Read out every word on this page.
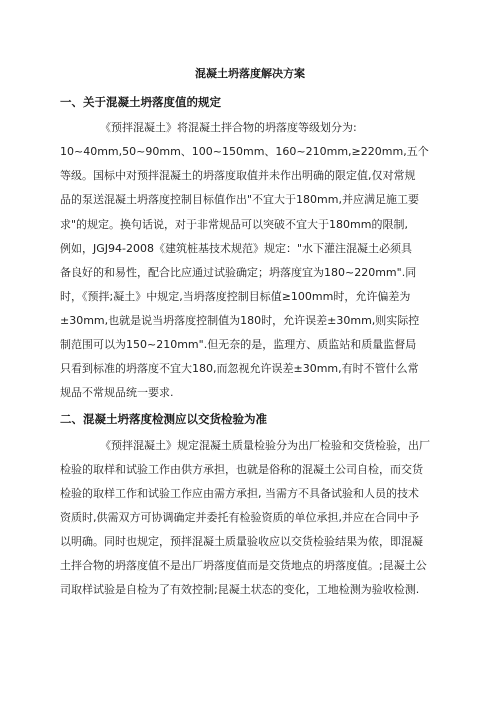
混凝土坍落度解决方案
一、关于混凝土坍落度值的规定
《预拌混凝土》将混凝土拌合物的坍落度等级划分为:
10~40mm,50~90mm、100~150mm、160~210mm,≥220mm,五个
等级。国标中对预拌混凝土的坍落度取值并未作出明确的限定值,仅对常规
品的泵送混凝土坍落度控制目标值作出"不宜大于180mm,并应满足施工要
求"的规定。换句话说，对于非常规品可以突破不宜大于180mm的限制,
例如，JGJ94-2008《建筑桩基技术规范》规定："水下灌注混凝土必须具
备良好的和易性，配合比应通过试验确定；坍落度宜为180~220mm".同
时，《预拌;凝土》中规定,当坍落度控制目标值≥100mm时，允许偏差为
±30mm,也就是说当坍落度控制值为180时，允许误差±30mm,则实际控
制范围可以为150~210mm".但无奈的是，监理方、质监站和质量监督局
只看到标准的坍落度不宜大180,而忽视允许误差±30mm,有时不管什么常
规品不常规品统一要求.
二、混凝土坍落度检测应以交货检验为准
《预拌混凝土》规定混凝土质量检验分为出厂检验和交货检验，出厂
检验的取样和试验工作由供方承担，也就是俗称的混凝土公司自检，而交货
检验的取样工作和试验工作应由需方承担, 当需方不具备试验和人员的技术
资质时,供需双方可协调确定并委托有检验资质的单位承担,并应在合同中予
以明确。同时也规定，预拌混凝土质量验收应以交货检验结果为侬，即混凝
土拌合物的坍落度值不是出厂坍落度值而是交货地点的坍落度值。;昆凝土公
司取样试验是自检为了有效控制;昆凝土状态的变化，工地检测为验收检测.
